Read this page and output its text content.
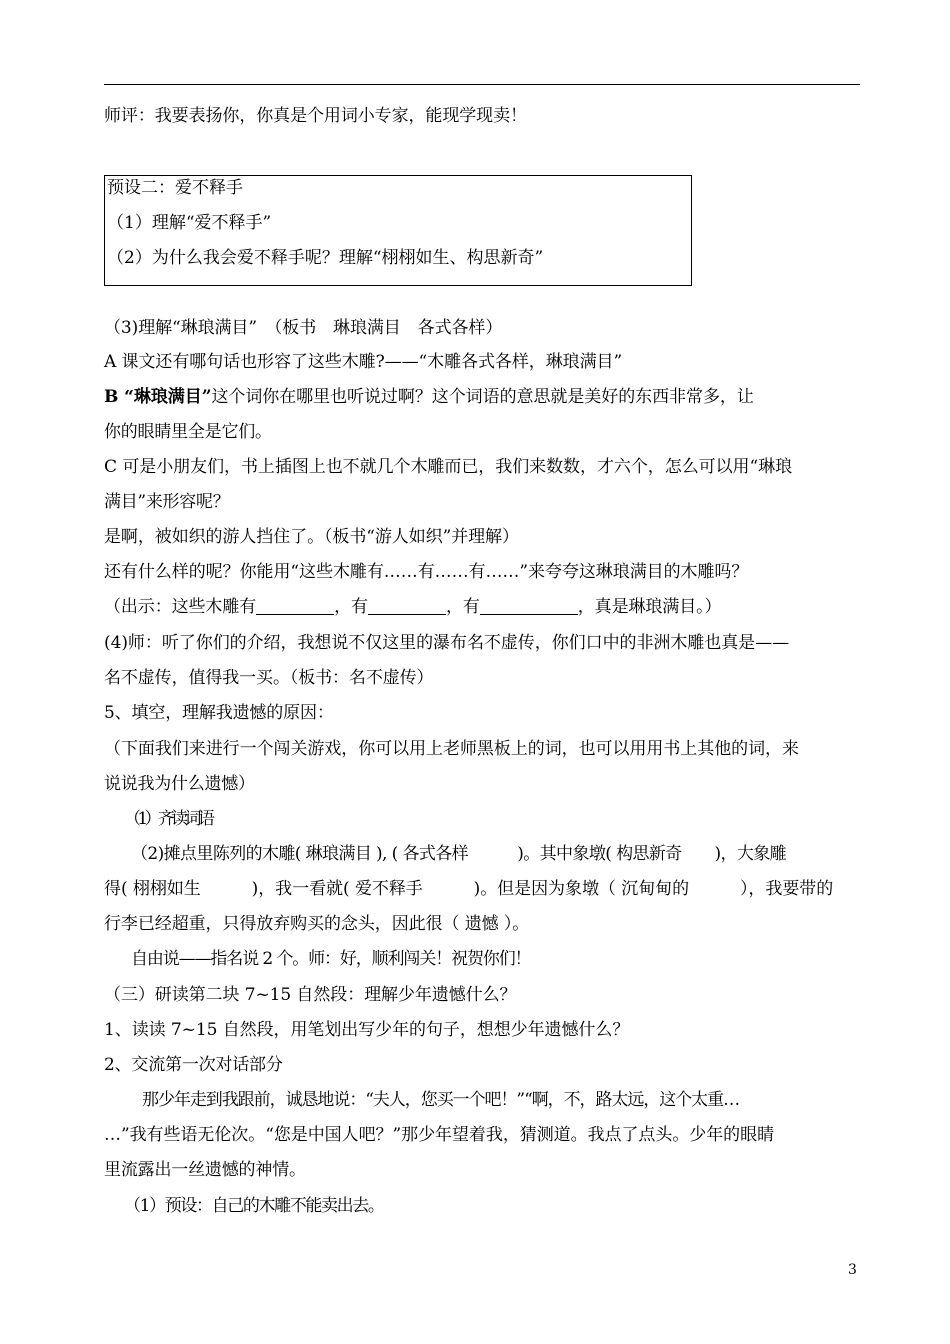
师评：我要表扬你，你真是个用词小专家，能现学现卖！
预设二：爱不释手
（1）理解“爱不释手”
（2）为什么我会爱不释手呢？理解“栩栩如生、构思新奇”
（3)理解“琳琅满目”　（板书　琳琅满目　各式各样）
A 课文还有哪句话也形容了这些木雕?——“木雕各式各样，琳琅满目”
B “琳琅满目”这个词你在哪里也听说过啊？这个词语的意思就是美好的东西非常多，让
你的眼睛里全是它们。
C 可是小朋友们，书上插图上也不就几个木雕而已，我们来数数，才六个，怎么可以用“琳琅
满目”来形容呢？
是啊，被如织的游人挡住了。（板书“游人如织”并理解）
还有什么样的呢？你能用“这些木雕有……有……有……”来夸夸这琳琅满目的木雕吗？
（出示：这些木雕有	，有	，有	，真是琳琅满目。）
(4)师：听了你们的介绍，我想说不仅这里的瀑布名不虚传，你们口中的非洲木雕也真是——
名不虚传，值得我一买。（板书：名不虚传）
5、填空，理解我遗憾的原因：
（下面我们来进行一个闯关游戏，你可以用上老师黑板上的词，也可以用用书上其他的词，来
说说我为什么遗憾）
（1）齐读词语
（2)摊点里陈列的木雕( 琳琅满目 ), ( 各式各样　　　)。其中象墩( 构思新奇　　)，大象雕
得( 栩栩如生　　　)，我一看就( 爱不释手　　　)。但是因为象墩（ 沉甸甸的　　　），我要带的
行李已经超重，只得放弃购买的念头，因此很（ 遗憾 ）。
自由说——指名说 2 个。师：好，顺利闯关！祝贺你们！
（三）研读第二块 7~15 自然段：理解少年遗憾什么？
1、读读 7~15 自然段，用笔划出写少年的句子，想想少年遗憾什么？
2、交流第一次对话部分
那少年走到我跟前，诚恳地说：“夫人，您买一个吧！”“啊，不，路太远，这个太重…
…”我有些语无伦次。“您是中国人吧？”那少年望着我，猜测道。我点了点头。少年的眼睛
里流露出一丝遗憾的神情。
（1）预设：自己的木雕不能卖出去。
3
